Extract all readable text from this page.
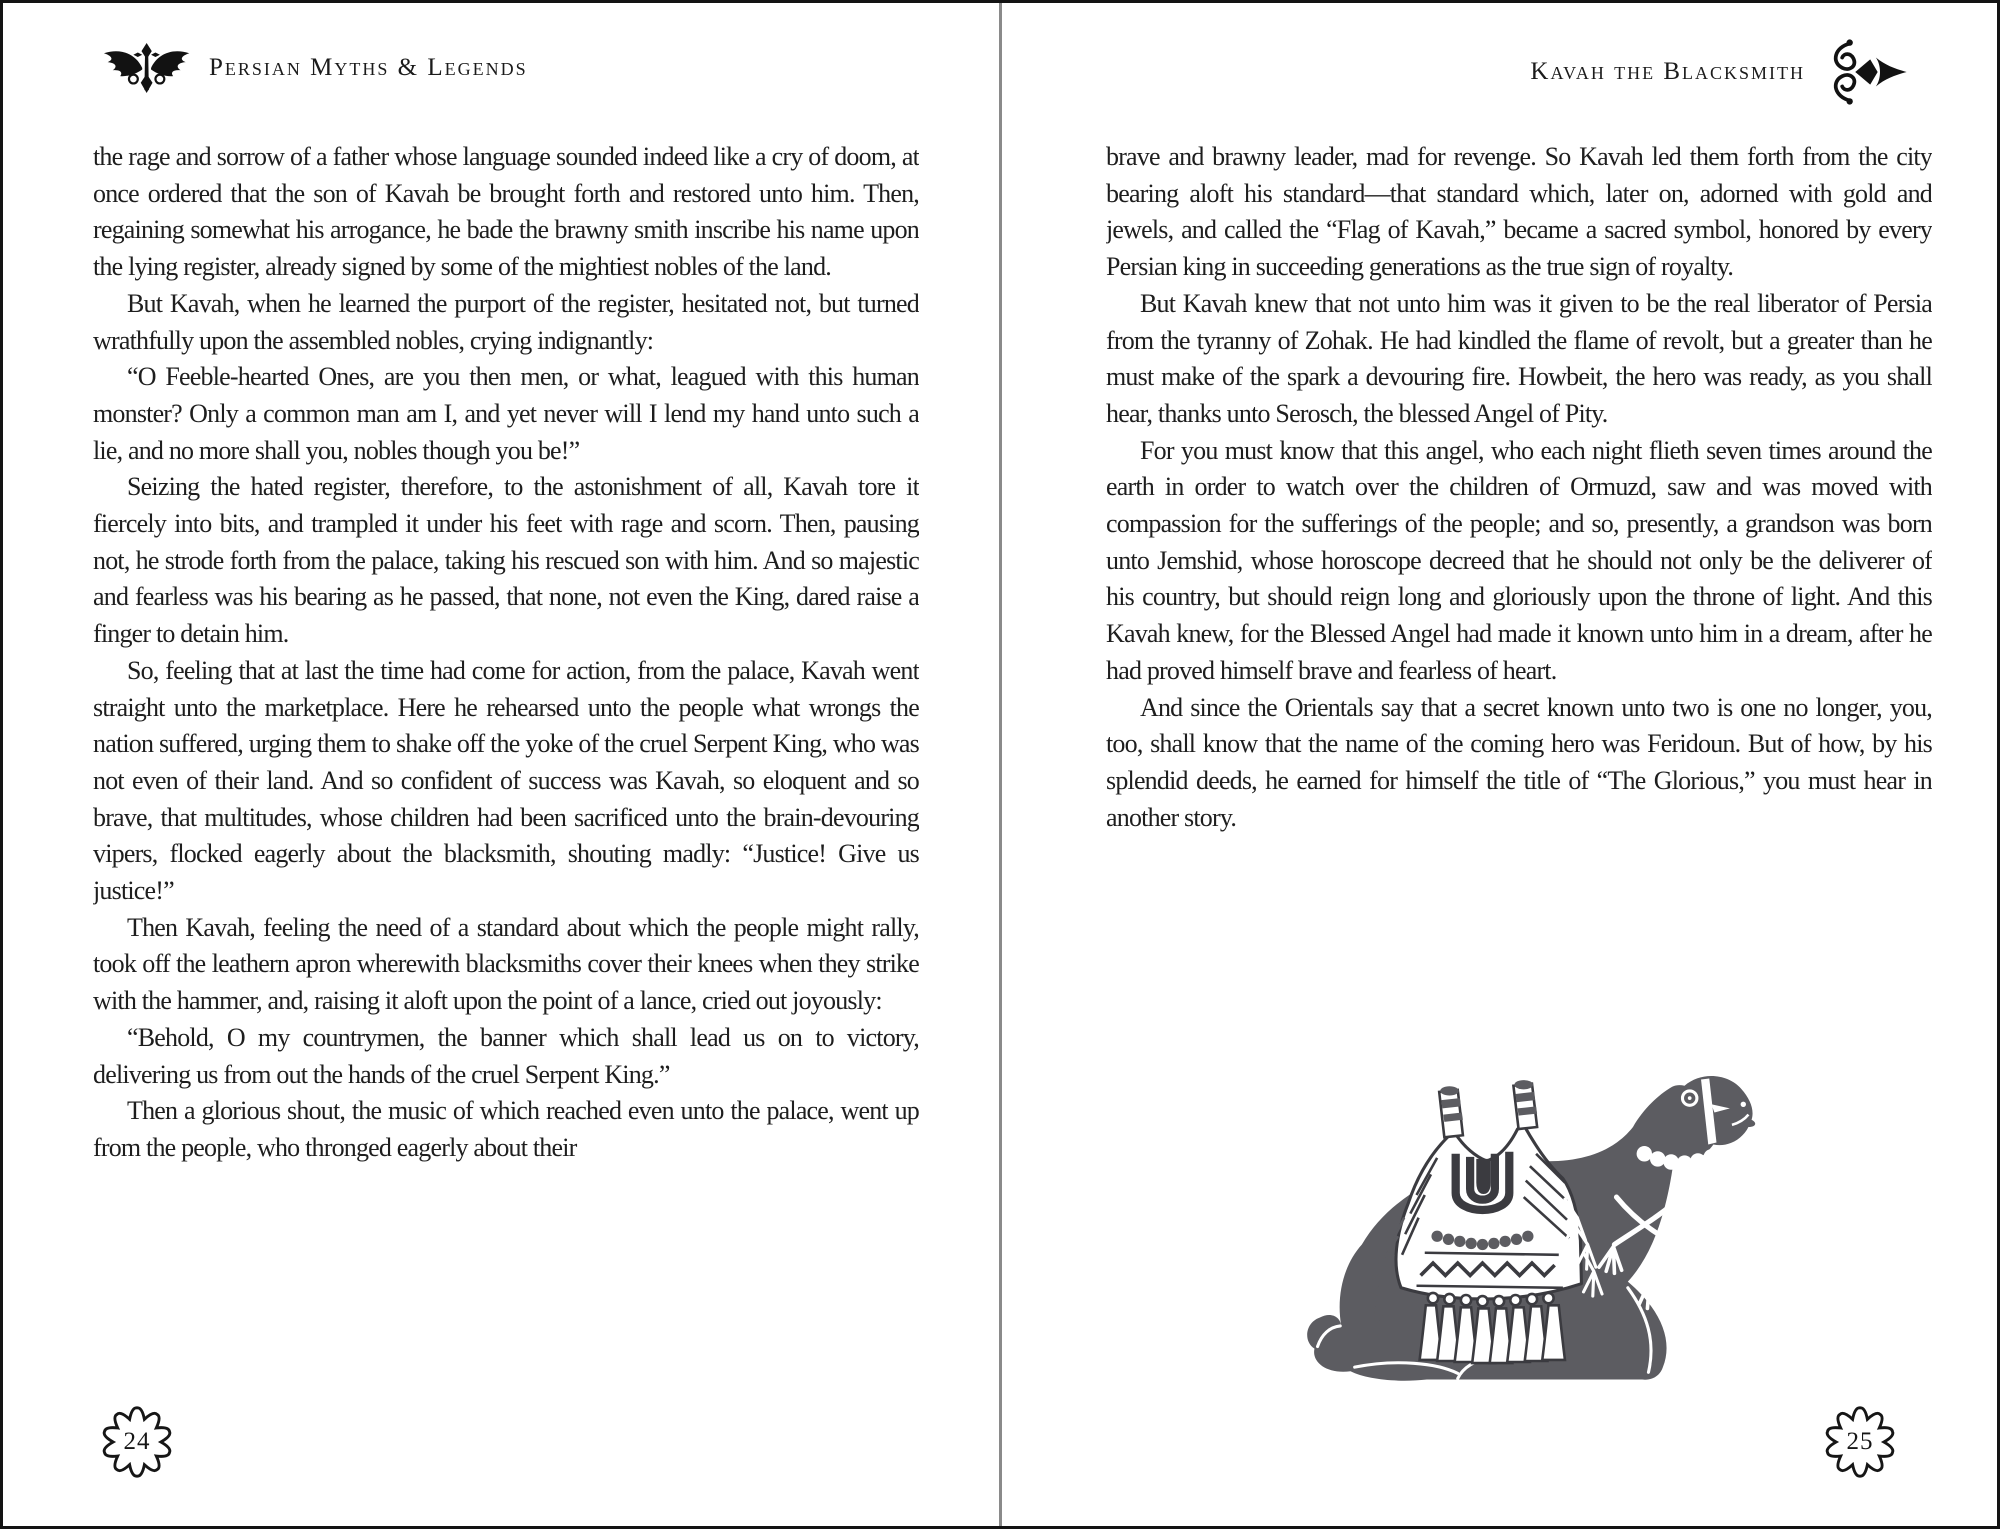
Persian Myths & Legends

the rage and sorrow of a father whose language sounded indeed like a cry of doom, at once ordered that the son of Kavah be brought forth and restored unto him. Then, regaining somewhat his arrogance, he bade the brawny smith inscribe his name upon the lying register, already signed by some of the mightiest nobles of the land.

But Kavah, when he learned the purport of the register, hesitated not, but turned wrathfully upon the assembled nobles, crying indignantly:

“O Feeble-hearted Ones, are you then men, or what, leagued with this human monster? Only a common man am I, and yet never will I lend my hand unto such a lie, and no more shall you, nobles though you be!”

Seizing the hated register, therefore, to the astonishment of all, Kavah tore it fiercely into bits, and trampled it under his feet with rage and scorn. Then, pausing not, he strode forth from the palace, taking his rescued son with him. And so majestic and fearless was his bearing as he passed, that none, not even the King, dared raise a finger to detain him.

So, feeling that at last the time had come for action, from the palace, Kavah went straight unto the marketplace. Here he rehearsed unto the people what wrongs the nation suffered, urging them to shake off the yoke of the cruel Serpent King, who was not even of their land. And so confident of success was Kavah, so eloquent and so brave, that multitudes, whose children had been sacrificed unto the brain-devouring vipers, flocked eagerly about the blacksmith, shouting madly: “Justice! Give us justice!”

Then Kavah, feeling the need of a standard about which the people might rally, took off the leathern apron wherewith blacksmiths cover their knees when they strike with the hammer, and, raising it aloft upon the point of a lance, cried out joyously:

“Behold, O my countrymen, the banner which shall lead us on to victory, delivering us from out the hands of the cruel Serpent King.”

Then a glorious shout, the music of which reached even unto the palace, went up from the people, who thronged eagerly about their

24
Kavah the Blacksmith

brave and brawny leader, mad for revenge. So Kavah led them forth from the city bearing aloft his standard—that standard which, later on, adorned with gold and jewels, and called the “Flag of Kavah,” became a sacred symbol, honored by every Persian king in succeeding generations as the true sign of royalty.

But Kavah knew that not unto him was it given to be the real liberator of Persia from the tyranny of Zohak. He had kindled the flame of revolt, but a greater than he must make of the spark a devouring fire. Howbeit, the hero was ready, as you shall hear, thanks unto Serosch, the blessed Angel of Pity.

For you must know that this angel, who each night flieth seven times around the earth in order to watch over the children of Ormuzd, saw and was moved with compassion for the sufferings of the people; and so, presently, a grandson was born unto Jemshid, whose horoscope decreed that he should not only be the deliverer of his country, but should reign long and gloriously upon the throne of light. And this Kavah knew, for the Blessed Angel had made it known unto him in a dream, after he had proved himself brave and fearless of heart.

And since the Orientals say that a secret known unto two is one no longer, you, too, shall know that the name of the coming hero was Feridoun. But of how, by his splendid deeds, he earned for himself the title of “The Glorious,” you must hear in another story.

25
